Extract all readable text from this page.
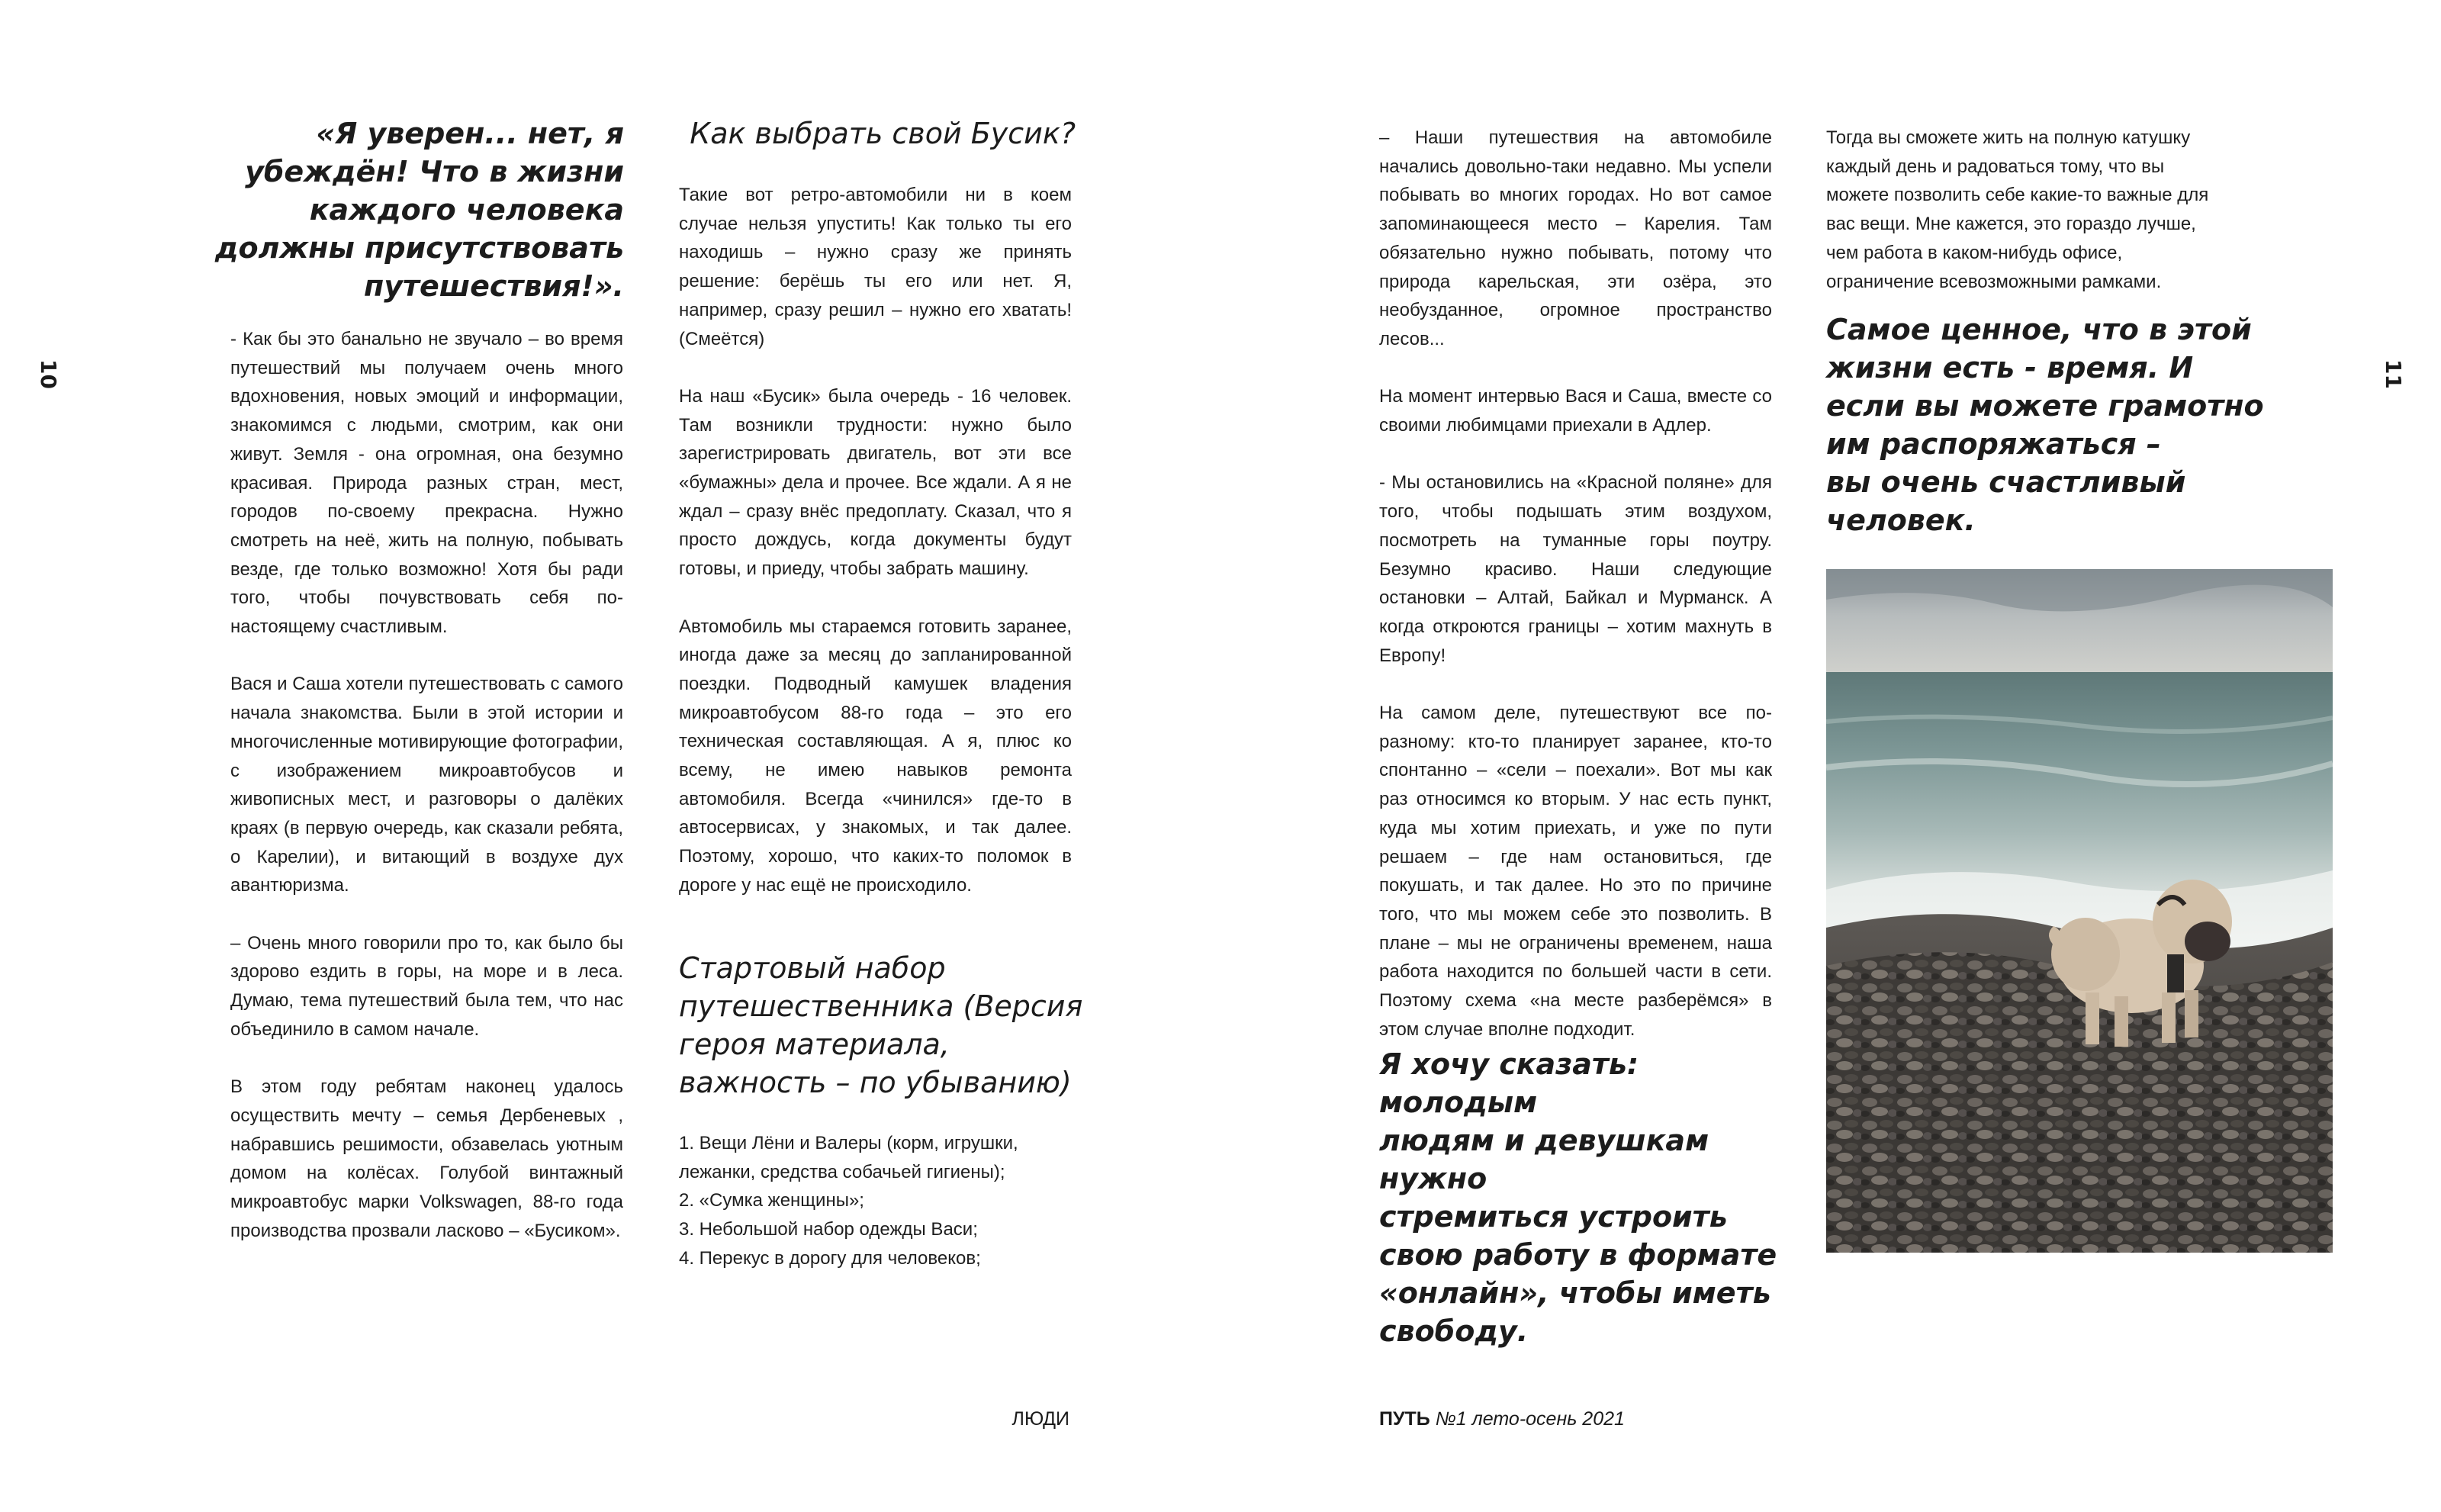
10
«Я уверен... нет, я
убеждён! Что в жизни
каждого человека
должны присутствовать
путешествия!».

- Как бы это банально не звучало – во время путешествий мы получаем очень много вдохновения, новых эмоций и информации, знакомимся с людьми, смотрим, как они живут. Земля - она огромная, она безумно красивая. Природа разных стран, мест, городов по-своему прекрасна. Нужно смотреть на неё, жить на полную, побывать везде, где только возможно! Хотя бы ради того, чтобы почувствовать себя по-настоящему счастливым.

Вася и Саша хотели путешествовать с самого начала знакомства. Были в этой истории и многочисленные мотивирующие фотографии, с изображением микроавтобусов и живописных мест, и разговоры о далёких краях (в первую очередь, как сказали ребята, о Карелии), и витающий в воздухе дух авантюризма.

– Очень много говорили про то, как было бы здорово ездить в горы, на море и в леса. Думаю, тема путешествий была тем, что нас объединило в самом начале.

В этом году ребятам наконец удалось осуществить мечту – семья Дербеневых , набравшись решимости, обзавелась уютным домом на колёсах. Голубой винтажный микроавтобус марки Volkswagen, 88-го года производства прозвали ласково – «Бусиком».

Как выбрать свой Бусик?

Такие вот ретро-автомобили ни в коем случае нельзя упустить! Как только ты его находишь – нужно сразу же принять решение: берёшь ты его или нет. Я, например, сразу решил – нужно его хватать! (Смеётся)

На наш «Бусик» была очередь - 16 человек. Там возникли трудности: нужно было зарегистрировать двигатель, вот эти все «бумажны» дела и прочее. Все ждали. А я не ждал – сразу внёс предоплату. Сказал, что я просто дождусь, когда документы будут готовы, и приеду, чтобы забрать машину.

Автомобиль мы стараемся готовить заранее, иногда даже за месяц до запланированной поездки. Подводный камушек владения микроавтобусом 88-го года – это его техническая составляющая. А я, плюс ко всему, не имею навыков ремонта автомобиля. Всегда «чинился» где-то в автосервисах, у знакомых, и так далее. Поэтому, хорошо, что каких-то поломок в дороге у нас ещё не происходило.

Стартовый набор
путешественника (Версия
героя материала,
важность – по убыванию)
1. Вещи Лёни и Валеры (корм, игрушки,
лежанки, средства собачьей гигиены);
2. «Сумка женщины»;
3. Небольшой набор одежды Васи;
4. Перекус в дорогу для человеков;
ЛЮДИ

– Наши путешествия на автомобиле начались довольно-таки недавно. Мы успели побывать во многих городах. Но вот самое запоминающееся место – Карелия. Там обязательно нужно побывать, потому что природа карельская, эти озёра, это необузданное, огромное пространство лесов...

На момент интервью Вася и Саша, вместе со своими любимцами приехали в Адлер.

- Мы остановились на «Красной поляне» для того, чтобы подышать этим воздухом, посмотреть на туманные горы поутру. Безумно красиво. Наши следующие остановки – Алтай, Байкал и Мурманск. А когда откроются границы – хотим махнуть в Европу!

На самом деле, путешествуют все по-разному: кто-то планирует заранее, кто-то спонтанно – «сели – поехали». Вот мы как раз относимся ко вторым. У нас есть пункт, куда мы хотим приехать, и уже по пути решаем – где нам остановиться, где покушать, и так далее. Но это по причине того, что мы можем себе это позволить. В плане – мы не ограничены временем, наша работа находится по большей части в сети. Поэтому схема «на месте разберёмся» в этом случае вполне подходит.

Я хочу сказать: молодым
людям и девушкам нужно
стремиться устроить
свою работу в формате
«онлайн», чтобы иметь
свободу.

Тогда вы сможете жить на полную катушку каждый день и радоваться тому, что вы можете позволить себе какие-то важные для вас вещи. Мне кажется, это гораздо лучше, чем работа в каком-нибудь офисе, ограничение всевозможными рамками.

Самое ценное, что в этой
жизни есть - время. И
если вы можете грамотно
им распоряжаться –
вы очень счастливый
человек.
11
ПУТЬ №1 лето-осень 2021
